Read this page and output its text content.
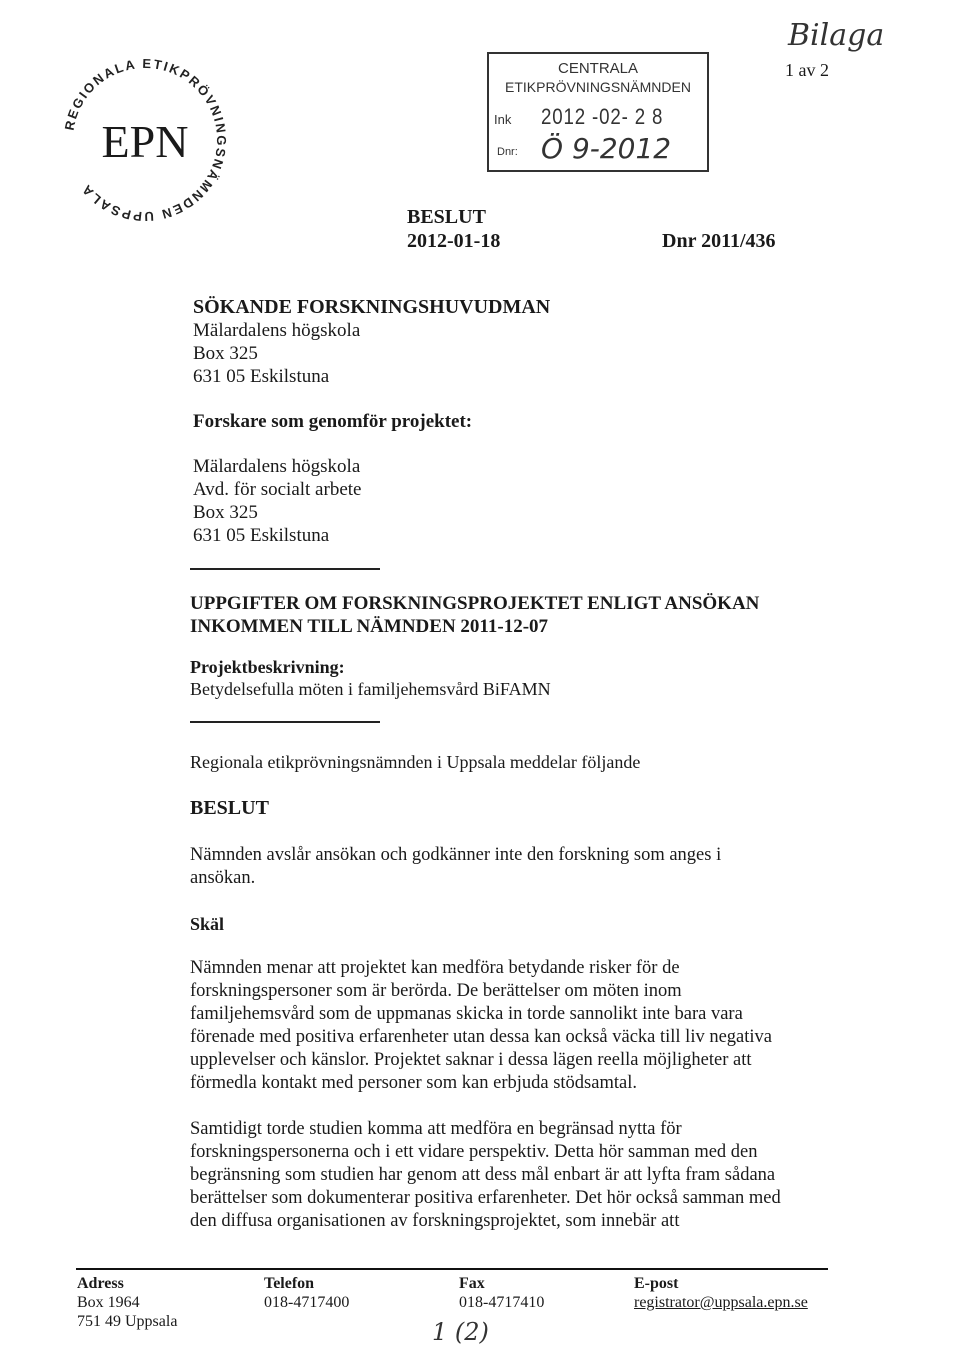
REGIONALA ETIKPRÖVNINGSNÄMNDEN UPPSALA
EPN
CENTRALA
ETIKPRÖVNINGSNÄMNDEN
Ink 2012 -02- 2 8
Dnr: Ö 9-2012
Bilaga
1 av 2
BESLUT
2012-01-18	Dnr 2011/436

SÖKANDE FORSKNINGSHUVUDMAN

Mälardalens högskola

Box 325

631 05 Eskilstuna

Forskare som genomför projektet:

Mälardalens högskola

Avd. för socialt arbete

Box 325

631 05 Eskilstuna

UPPGIFTER OM FORSKNINGSPROJEKTET ENLIGT ANSÖKAN

INKOMMEN TILL NÄMNDEN 2011-12-07

Projektbeskrivning:

Betydelsefulla möten i familjehemsvård BiFAMN

Regionala etikprövningsnämnden i Uppsala meddelar följande
BESLUT

Nämnden avslår ansökan och godkänner inte den forskning som anges i

ansökan.

Skäl

Nämnden menar att projektet kan medföra betydande risker för de

forskningspersoner som är berörda. De berättelser om möten inom

familjehemsvård som de uppmanas skicka in torde sannolikt inte bara vara

förenade med positiva erfarenheter utan dessa kan också väcka till liv negativa

upplevelser och känslor. Projektet saknar i dessa lägen reella möjligheter att

förmedla kontakt med personer som kan erbjuda stödsamtal.

Samtidigt torde studien komma att medföra en begränsad nytta för

forskningspersonerna och i ett vidare perspektiv. Detta hör samman med den

begränsning som studien har genom att dess mål enbart är att lyfta fram sådana

berättelser som dokumenterar positiva erfarenheter. Det hör också samman med

den diffusa organisationen av forskningsprojektet, som innebär att

Adress
Box 1964
751 49 Uppsala
Telefon
018-4717400
Fax
018-4717410
E-post
registrator@uppsala.epn.se
1 (2)
